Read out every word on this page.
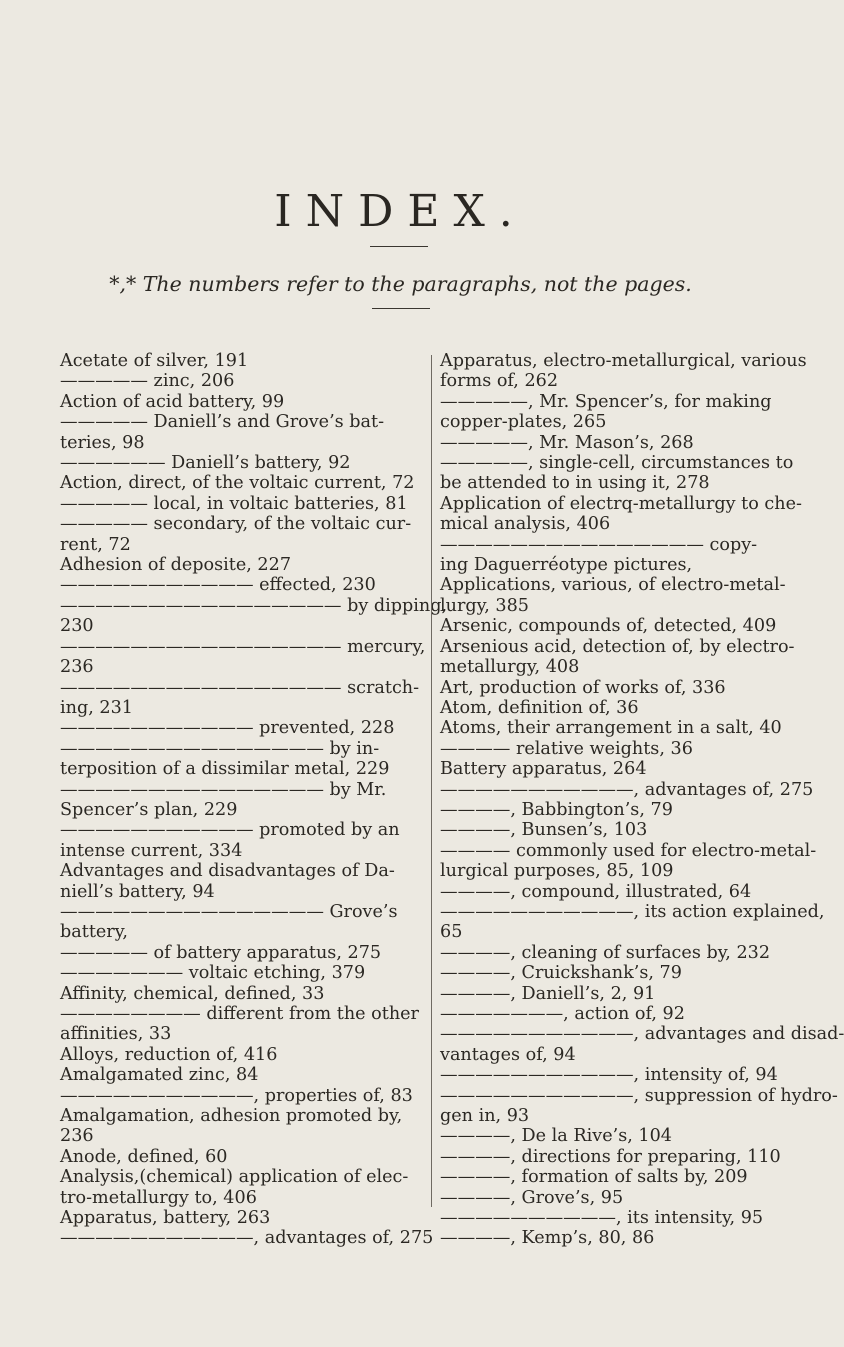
INDEX.
*,* The numbers refer to the paragraphs, not the pages.
Acetate of silver, 191
————— zinc, 206
Action of acid battery, 99
————— Daniell’s and Grove’s bat-
teries, 98
—————— Daniell’s battery, 92
Action, direct, of the voltaic current, 72
————— local, in voltaic batteries, 81
————— secondary, of the voltaic cur-
rent, 72
Adhesion of deposite, 227
——————————— effected, 230
———————————————— by dipping,
230
———————————————— mercury,
236
———————————————— scratch-
ing, 231
——————————— prevented, 228
——————————————— by in-
terposition of a dissimilar metal, 229
——————————————— by Mr.
Spencer’s plan, 229
——————————— promoted by an
intense current, 334
Advantages and disadvantages of Da-
niell’s battery, 94
——————————————— Grove’s
battery,
————— of battery apparatus, 275
——————— voltaic etching, 379
Affinity, chemical, defined, 33
———————— different from the other
affinities, 33
Alloys, reduction of, 416
Amalgamated zinc, 84
———————————, properties of, 83
Amalgamation, adhesion promoted by,
236
Anode, defined, 60
Analysis,(chemical) application of elec-
tro-metallurgy to, 406
Apparatus, battery, 263
———————————, advantages of, 275
Apparatus, electro-metallurgical, various
forms of, 262
—————, Mr. Spencer’s, for making
copper-plates, 265
—————, Mr. Mason’s, 268
—————, single-cell, circumstances to
be attended to in using it, 278
Application of electrq-metallurgy to che-
mical analysis, 406
——————————————— copy-
ing Daguerréotype pictures,
Applications, various, of electro-metal-
lurgy, 385
Arsenic, compounds of, detected, 409
Arsenious acid, detection of, by electro-
metallurgy, 408
Art, production of works of, 336
Atom, definition of, 36
Atoms, their arrangement in a salt, 40
———— relative weights, 36
Battery apparatus, 264
———————————, advantages of, 275
————, Babbington’s, 79
————, Bunsen’s, 103
———— commonly used for electro-metal-
lurgical purposes, 85, 109
————, compound, illustrated, 64
———————————, its action explained,
65
————, cleaning of surfaces by, 232
————, Cruickshank’s, 79
————, Daniell’s, 2, 91
———————, action of, 92
———————————, advantages and disad-
vantages of, 94
———————————, intensity of, 94
———————————, suppression of hydro-
gen in, 93
————, De la Rive’s, 104
————, directions for preparing, 110
————, formation of salts by, 209
————, Grove’s, 95
——————————, its intensity, 95
————, Kemp’s, 80, 86
